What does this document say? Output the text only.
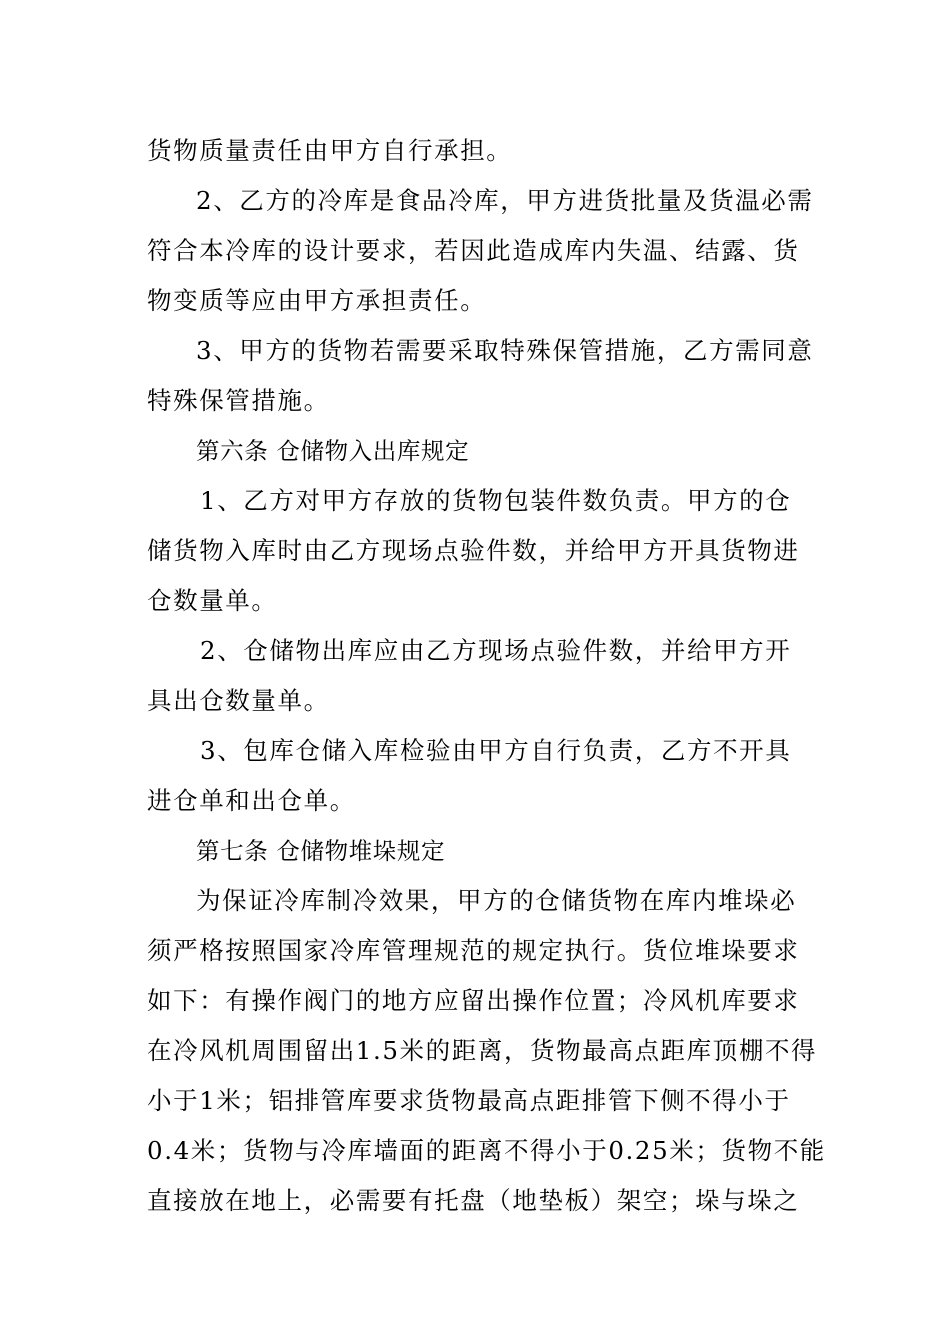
货物质量责任由甲方自行承担。
2、乙方的冷库是食品冷库，甲方进货批量及货温必需
符合本冷库的设计要求，若因此造成库内失温、结露、货
物变质等应由甲方承担责任。
3、甲方的货物若需要采取特殊保管措施，乙方需同意
特殊保管措施。
第六条 仓储物入出库规定
1、乙方对甲方存放的货物包装件数负责。甲方的仓
储货物入库时由乙方现场点验件数，并给甲方开具货物进
仓数量单。
2、仓储物出库应由乙方现场点验件数，并给甲方开
具出仓数量单。
3、包库仓储入库检验由甲方自行负责，乙方不开具
进仓单和出仓单。
第七条 仓储物堆垛规定
为保证冷库制冷效果，甲方的仓储货物在库内堆垛必
须严格按照国家冷库管理规范的规定执行。货位堆垛要求
如下：有操作阀门的地方应留出操作位置；冷风机库要求
在冷风机周围留出1.5米的距离，货物最高点距库顶棚不得
小于1米；铝排管库要求货物最高点距排管下侧不得小于
0.4米；货物与冷库墙面的距离不得小于0.25米；货物不能
直接放在地上，必需要有托盘（地垫板）架空；垛与垛之
